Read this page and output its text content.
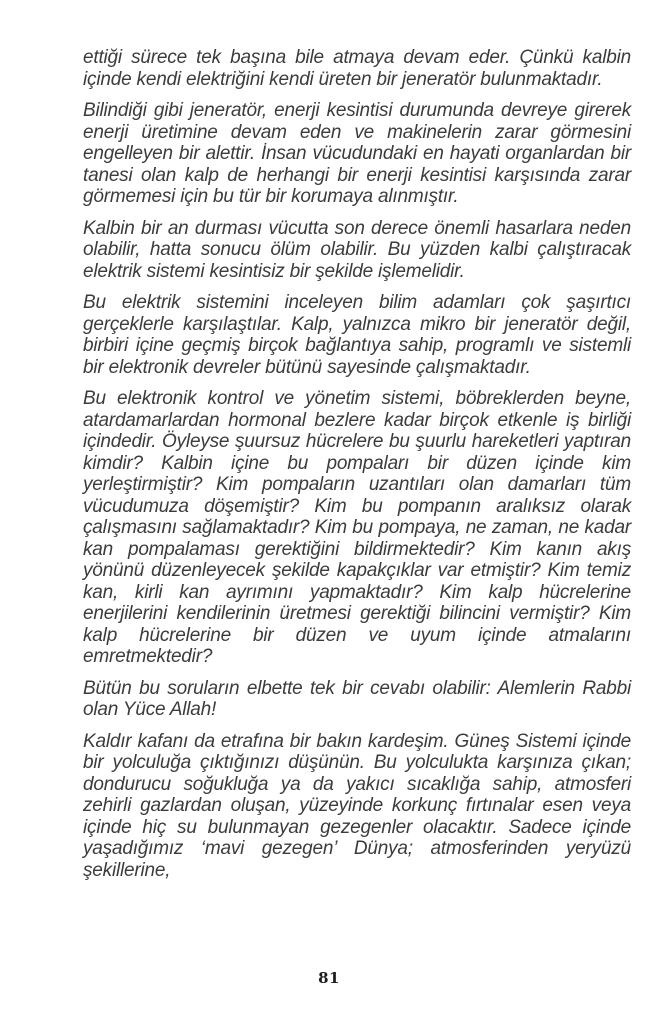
ettiği sürece tek başına bile atmaya devam eder. Çünkü kalbin içinde kendi elektriğini kendi üreten bir jeneratör bulunmaktadır.

Bilindiği gibi jeneratör, enerji kesintisi durumunda devreye girerek enerji üretimine devam eden ve makinelerin zarar görmesini engelleyen bir alettir. İnsan vücudundaki en hayati organlardan bir tanesi olan kalp de herhangi bir enerji kesintisi karşısında zarar görmemesi için bu tür bir korumaya alınmıştır.

Kalbin bir an durması vücutta son derece önemli hasarlara neden olabilir, hatta sonucu ölüm olabilir. Bu yüzden kalbi çalıştıracak elektrik sistemi kesintisiz bir şekilde işlemelidir.

Bu elektrik sistemini inceleyen bilim adamları çok şaşırtıcı gerçeklerle karşılaştılar. Kalp, yalnızca mikro bir jeneratör değil, birbiri içine geçmiş birçok bağlantıya sahip, programlı ve sistemli bir elektronik devreler bütünü sayesinde çalışmaktadır.

Bu elektronik kontrol ve yönetim sistemi, böbreklerden beyne, atardamarlardan hormonal bezlere kadar birçok etkenle iş birliği içindedir. Öyleyse şuursuz hücrelere bu şuurlu hareketleri yaptıran kimdir? Kalbin içine bu pompaları bir düzen içinde kim yerleştirmiştir? Kim pompaların uzantıları olan damarları tüm vücudumuza döşemiştir? Kim bu pompanın aralıksız olarak çalışmasını sağlamaktadır? Kim bu pompaya, ne zaman, ne kadar kan pompalaması gerektiğini bildirmektedir? Kim kanın akış yönünü düzenleyecek şekilde kapakçıklar var etmiştir? Kim temiz kan, kirli kan ayrımını yapmaktadır? Kim kalp hücrelerine enerjilerini kendilerinin üretmesi gerektiği bilincini vermiştir? Kim kalp hücrelerine bir düzen ve uyum içinde atmalarını emretmektedir?

Bütün bu soruların elbette tek bir cevabı olabilir: Alemlerin Rabbi olan Yüce Allah!

Kaldır kafanı da etrafına bir bakın kardeşim. Güneş Sistemi içinde bir yolculuğa çıktığınızı düşünün. Bu yolculukta karşınıza çıkan; dondurucu soğukluğa ya da yakıcı sıcaklığa sahip, atmosferi zehirli gazlardan oluşan, yüzeyinde korkunç fırtınalar esen veya içinde hiç su bulunmayan gezegenler olacaktır. Sadece içinde yaşadığımız ‘mavi gezegen’ Dünya; atmosferinden yeryüzü şekillerine,

81
